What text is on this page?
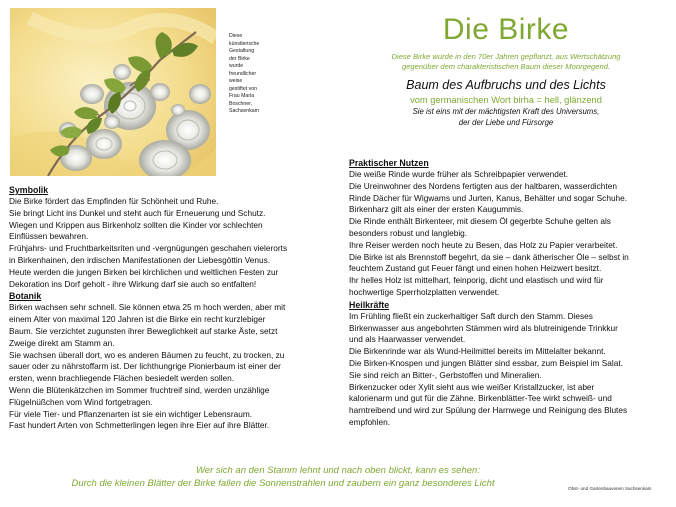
Diese
künstlerische
Gestaltung
der Birke
wurde
freundlicher
weise
gestiftet von
Frau Maria
Boschner,
Sachsenkam
Die Birke
Diese Birke wurde in den 70er Jahren gepflanzt, aus Wertschätzung
gegenüber dem charakteristischen Baum dieser Moorgegend.
Baum des Aufbruchs und des Lichts
vom germanischen Wort birha = hell, glänzend
Sie ist eins mit der mächtigsten Kraft des Universums,
der der Liebe und Fürsorge
Symbolik

Die Birke fördert das Empfinden für Schönheit und Ruhe.

Sie bringt Licht ins Dunkel und steht auch für Erneuerung und Schutz.

Wiegen und Krippen aus Birkenholz sollten die Kinder vor schlechten

Einflüssen bewahren.

Frühjahrs- und Fruchtbarkeitsriten und -vergnügungen geschahen vielerorts

in Birkenhainen, den irdischen Manifestationen der Liebesgöttin Venus.

Heute werden die jungen Birken bei kirchlichen und weltlichen Festen zur

Dekoration ins Dorf geholt - ihre Wirkung darf sie auch so entfalten!

Botanik

Birken wachsen sehr schnell. Sie können etwa 25 m hoch werden, aber mit

einem Alter von maximal 120 Jahren ist die Birke ein recht kurzlebiger

Baum. Sie verzichtet zugunsten ihrer Beweglichkeit auf starke Äste, setzt

Zweige direkt am Stamm an.

Sie wachsen überall dort, wo es anderen Bäumen zu feucht, zu trocken, zu

sauer oder zu nährstoffarm ist. Der lichthungrige Pionierbaum ist einer der

ersten, wenn brachliegende Flächen besiedelt werden sollen.

Wenn die Blütenkätzchen im Sommer fruchtreif sind, werden unzählige

Flügelnüßchen vom Wind fortgetragen.

Für viele Tier- und Pflanzenarten ist sie ein wichtiger Lebensraum.

Fast hundert Arten von Schmetterlingen legen ihre Eier auf ihre Blätter.

Praktischer Nutzen

Die weiße Rinde wurde früher als Schreibpapier verwendet.

Die Ureinwohner des Nordens fertigten aus der haltbaren, wasserdichten

Rinde Dächer für Wigwams und Jurten, Kanus, Behälter und sogar Schuhe.

Birkenharz gilt als einer der ersten Kaugummis.

Die Rinde enthält Birkenteer, mit diesem Öl gegerbte Schuhe gelten als

besonders robust und langlebig.

Ihre Reiser werden noch heute zu Besen, das Holz zu Papier verarbeitet.

Die Birke ist als Brennstoff begehrt, da sie – dank ätherischer Öle – selbst in

feuchtem Zustand gut Feuer fängt und einen hohen Heizwert besitzt.

Ihr helles Holz ist mittelhart, feinporig, dicht und elastisch und wird für

hochwertige Sperrholzplatten verwendet.

Heilkräfte

Im Frühling fließt ein zuckerhaltiger Saft durch den Stamm. Dieses

Birkenwasser aus angebohrten Stämmen wird als blutreinigende Trinkkur

und als Haarwasser verwendet.

Die Birkenrinde war als Wund-Heilmittel bereits im Mittelalter bekannt.

Die Birken-Knospen und jungen Blätter sind essbar, zum Beispiel im Salat.

Sie sind reich an Bitter-, Gerbstoffen und Mineralien.

Birkenzucker oder Xylit sieht aus wie weißer Kristallzucker, ist aber

kalorienarm und gut für die Zähne. Birkenblätter-Tee wirkt schweiß- und

harntreibend und wird zur Spülung der Harnwege und Reinigung des Blutes

empfohlen.

Wer sich an den Stamm lehnt und nach oben blickt, kann es sehen:
Durch die kleinen Blätter der Birke fallen die Sonnenstrahlen und zaubern ein ganz besonderes Licht	Obst- und Gartenbauverein Sachsenkam
